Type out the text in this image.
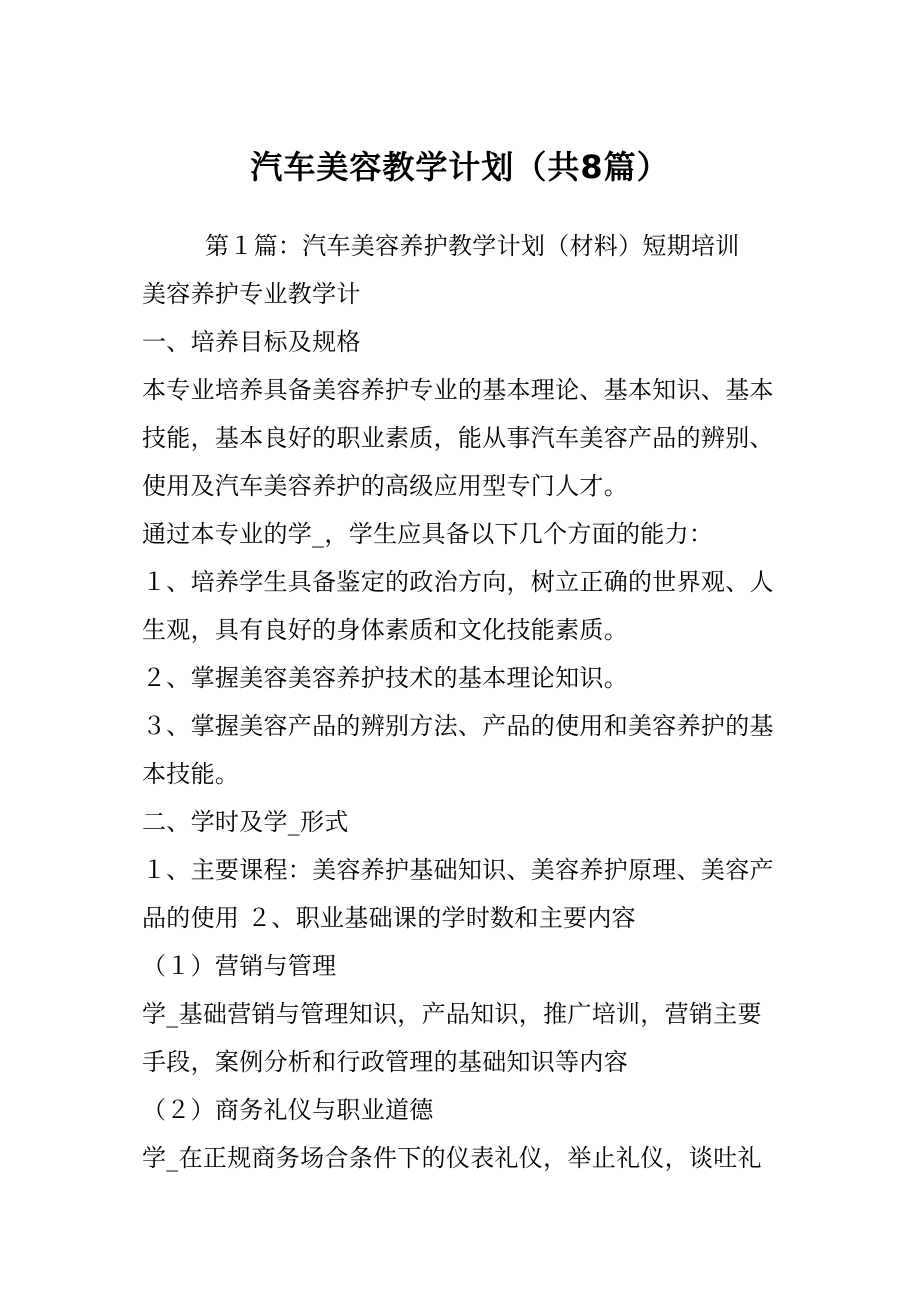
汽车美容教学计划（共8篇）
第１篇：汽车美容养护教学计划（材料）短期培训
美容养护专业教学计
一、培养目标及规格
本专业培养具备美容养护专业的基本理论、基本知识、基本
技能，基本良好的职业素质，能从事汽车美容产品的辨别、
使用及汽车美容养护的高级应用型专门人才。
通过本专业的学_，学生应具备以下几个方面的能力：
１、培养学生具备鉴定的政治方向，树立正确的世界观、人
生观，具有良好的身体素质和文化技能素质。
２、掌握美容美容养护技术的基本理论知识。
３、掌握美容产品的辨别方法、产品的使用和美容养护的基
本技能。
二、学时及学_形式
１、主要课程：美容养护基础知识、美容养护原理、美容产
品的使用 ２、职业基础课的学时数和主要内容
（１）营销与管理
学_基础营销与管理知识，产品知识，推广培训，营销主要
手段，案例分析和行政管理的基础知识等内容
（２）商务礼仪与职业道德
学_在正规商务场合条件下的仪表礼仪，举止礼仪，谈吐礼
